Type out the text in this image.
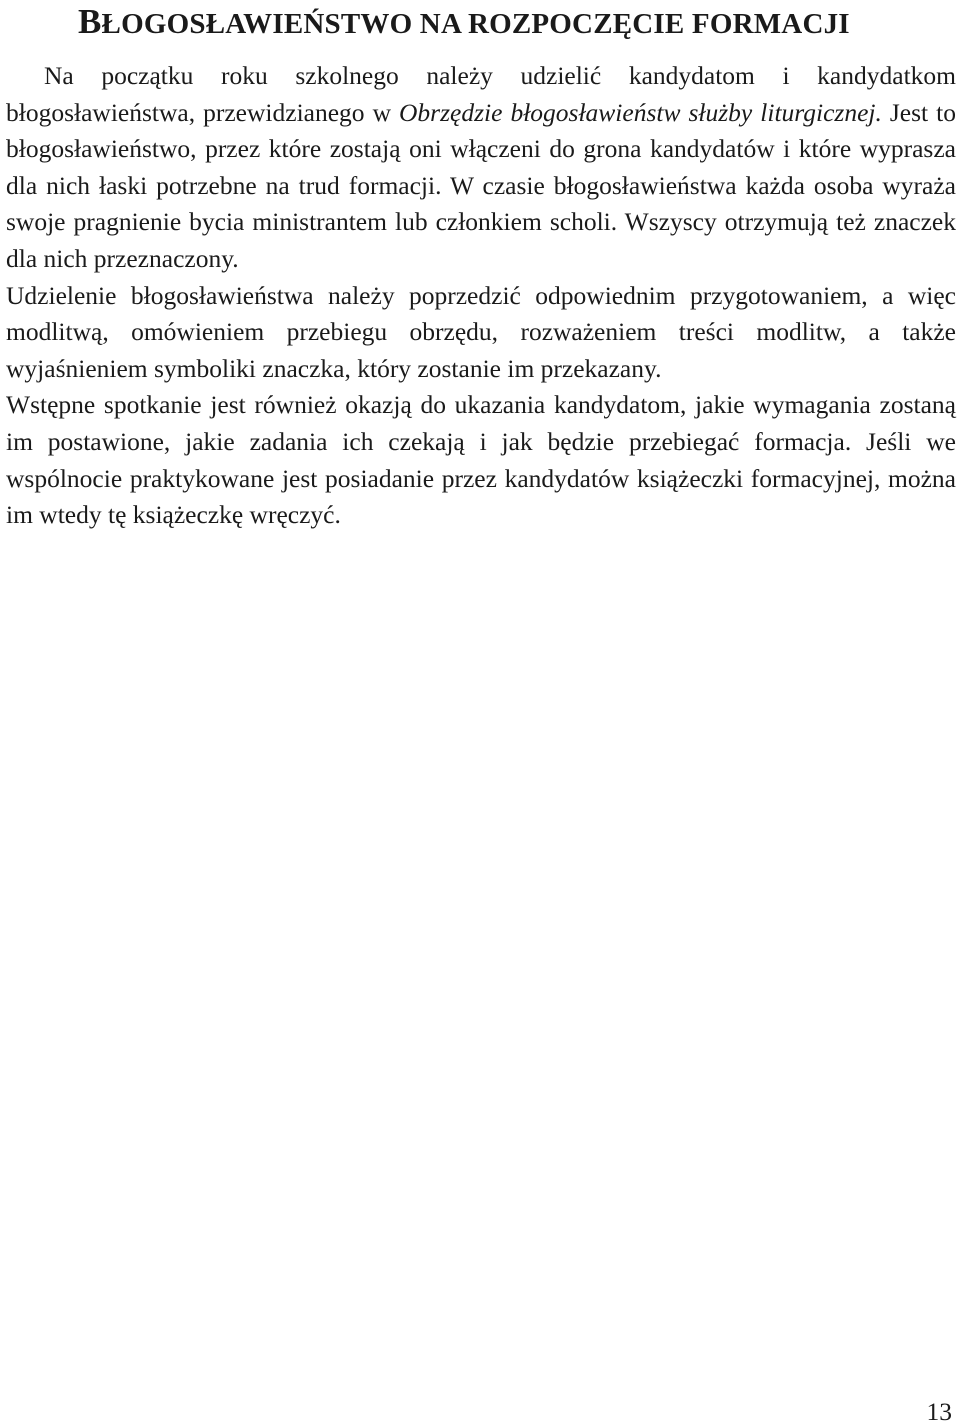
BŁOGOSŁAWIEŃSTWO NA ROZPOCZĘCIE FORMACJI

Na początku roku szkolnego należy udzielić kandydatom i kandydatkom błogosławieństwa, przewidzianego w Obrzędzie błogosławieństw służby liturgicznej. Jest to błogosławieństwo, przez które zostają oni włączeni do grona kandydatów i które wyprasza dla nich łaski potrzebne na trud formacji. W czasie błogosławieństwa każda osoba wyraża swoje pragnienie bycia ministrantem lub członkiem scholi. Wszyscy otrzymują też znaczek dla nich przeznaczony.

Udzielenie błogosławieństwa należy poprzedzić odpowiednim przygotowaniem, a więc modlitwą, omówieniem przebiegu obrzędu, rozważeniem treści modlitw, a także wyjaśnieniem symboliki znaczka, który zostanie im przekazany.

Wstępne spotkanie jest również okazją do ukazania kandydatom, jakie wymagania zostaną im postawione, jakie zadania ich czekają i jak będzie przebiegać formacja. Jeśli we wspólnocie praktykowane jest posiadanie przez kandydatów książeczki formacyjnej, można im wtedy tę książeczkę wręczyć.

13
